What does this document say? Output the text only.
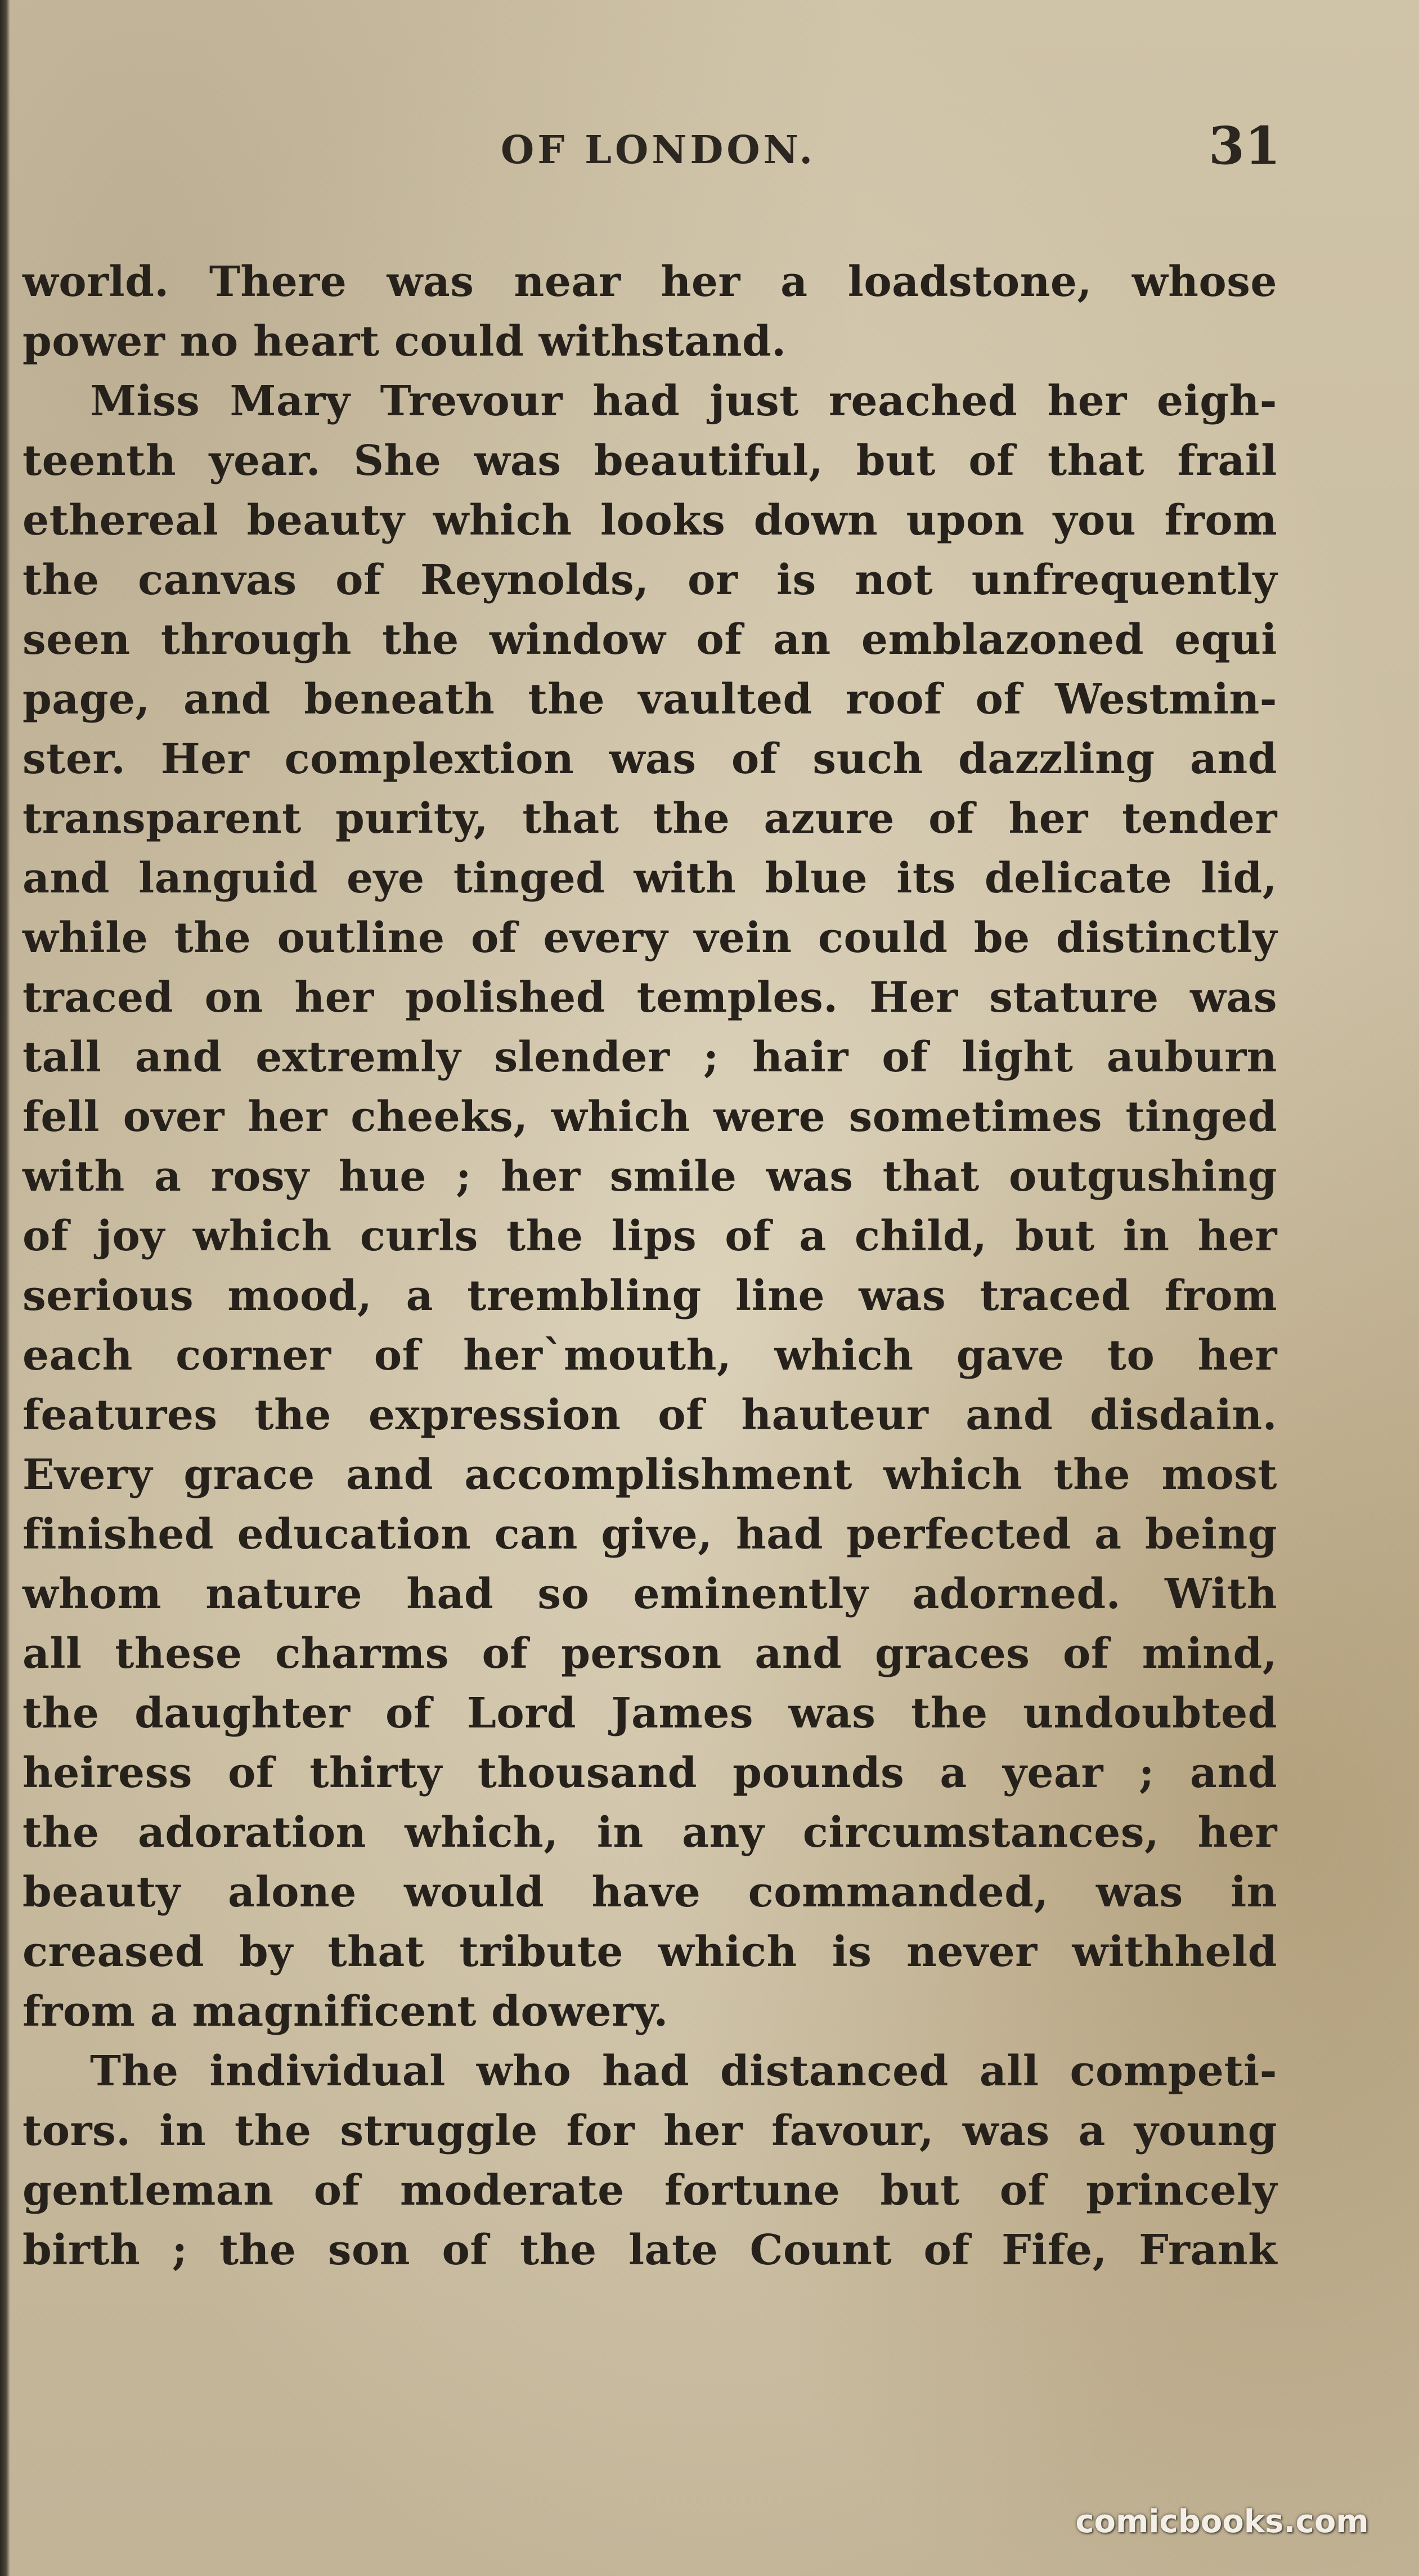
OF LONDON.	31
world. There was near her a loadstone, whose
power no heart could withstand.
Miss Mary Trevour had just reached her eigh-
teenth year. She was beautiful, but of that frail
ethereal beauty which looks down upon you from
the canvas of Reynolds, or is not unfrequently
seen through the window of an emblazoned equi
page, and beneath the vaulted roof of Westmin-
ster. Her complextion was of such dazzling and
transparent purity, that the azure of her tender
and languid eye tinged with blue its delicate lid,
while the outline of every vein could be distinctly
traced on her polished temples. Her stature was
tall and extremly slender ; hair of light auburn
fell over her cheeks, which were sometimes tinged
with a rosy hue ; her smile was that outgushing
of joy which curls the lips of a child, but in her
serious mood, a trembling line was traced from
each corner of her`mouth, which gave to her
features the expression of hauteur and disdain.
Every grace and accomplishment which the most
finished education can give, had perfected a being
whom nature had so eminently adorned. With
all these charms of person and graces of mind,
the daughter of Lord James was the undoubted
heiress of thirty thousand pounds a year ; and
the adoration which, in any circumstances, her
beauty alone would have commanded, was in
creased by that tribute which is never withheld
from a magnificent dowery.
The individual who had distanced all competi-
tors. in the struggle for her favour, was a young
gentleman of moderate fortune but of princely
birth ; the son of the late Count of Fife, Frank
comicbooks.com
